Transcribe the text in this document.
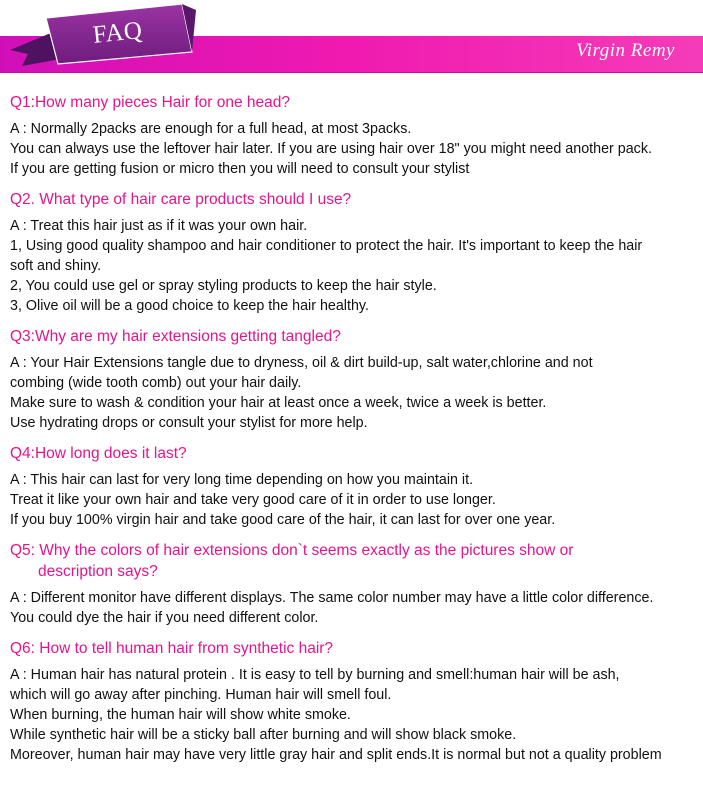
FAQ
Virgin Remy
Q1:How many pieces Hair for one head?
A : Normally 2packs are enough for a full head, at most 3packs.
You can always use the leftover hair later. If you are using hair over 18" you might need another pack.
If you are getting fusion or micro then you will need to consult your stylist
Q2. What type of hair care products should I use?
A : Treat this hair just as if it was your own hair.
1, Using good quality shampoo and hair conditioner to protect the hair. It's important to keep the hair
soft and shiny.
2, You could use gel or spray styling products to keep the hair style.
3, Olive oil will be a good choice to keep the hair healthy.
Q3:Why are my hair extensions getting tangled?
A : Your Hair Extensions tangle due to dryness, oil & dirt build-up, salt water,chlorine and not
combing (wide tooth comb) out your hair daily.
Make sure to wash & condition your hair at least once a week, twice a week is better.
Use hydrating drops or consult your stylist for more help.
Q4:How long does it last?
A : This hair can last for very long time depending on how you maintain it.
Treat it like your own hair and take very good care of it in order to use longer.
If you buy 100% virgin hair and take good care of the hair, it can last for over one year.
Q5: Why the colors of hair extensions don`t seems exactly as the pictures show or
description says?
A : Different monitor have different displays. The same color number may have a little color difference.
You could dye the hair if you need different color.
Q6: How to tell human hair from synthetic hair?
A : Human hair has natural protein . It is easy to tell by burning and smell:human hair will be ash,
which will go away after pinching. Human hair will smell foul.
When burning, the human hair will show white smoke.
While synthetic hair will be a sticky ball after burning and will show black smoke.
Moreover, human hair may have very little gray hair and split ends.It is normal but not a quality problem
